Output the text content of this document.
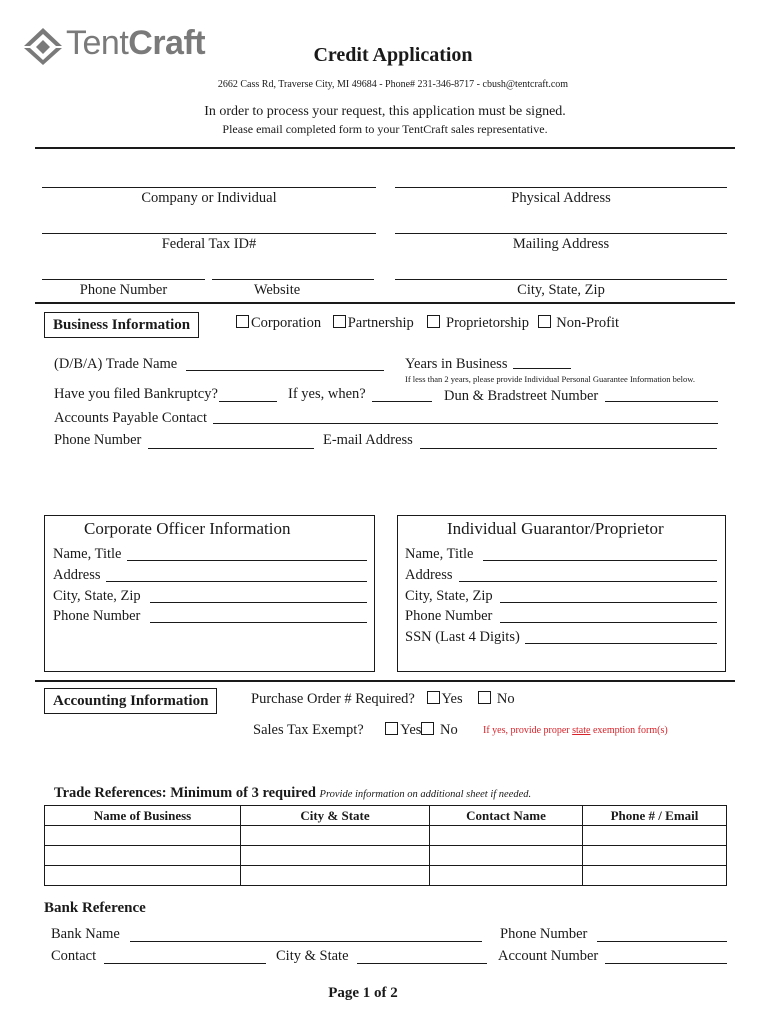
TentCraft	Credit Application
2662 Cass Rd, Traverse City, MI 49684 - Phone# 231-346-8717 - cbush@tentcraft.com
In order to process your request, this application must be signed.
Please email completed form to your TentCraft sales representative.
Company or Individual	Physical Address
Federal Tax ID#	Mailing Address
Phone Number	Website	City, State, Zip
Business Information	Corporation Partnership Proprietorship Non-Profit
(D/B/A) Trade Name	Years in Business
If less than 2 years, please provide Individual Personal Guarantee Information below.
Have you filed Bankruptcy?	If yes, when?	Dun & Bradstreet Number
Accounts Payable Contact
Phone Number	E-mail Address
Corporate Officer Information
Name, Title
Address
City, State, Zip
Phone Number
Individual Guarantor/Proprietor
Name, Title
Address
City, State, Zip
Phone Number
SSN (Last 4 Digits)
Accounting Information	Purchase Order # Required? Yes No
Sales Tax Exempt?	Yes No	If yes, provide proper state exemption form(s)
Trade References: Minimum of 3 required Provide information on additional sheet if needed.
Name of Business	City & State	Contact Name	Phone # / Email

Bank Reference
Bank Name	Phone Number
Contact	City & State	Account Number
Page 1 of 2
